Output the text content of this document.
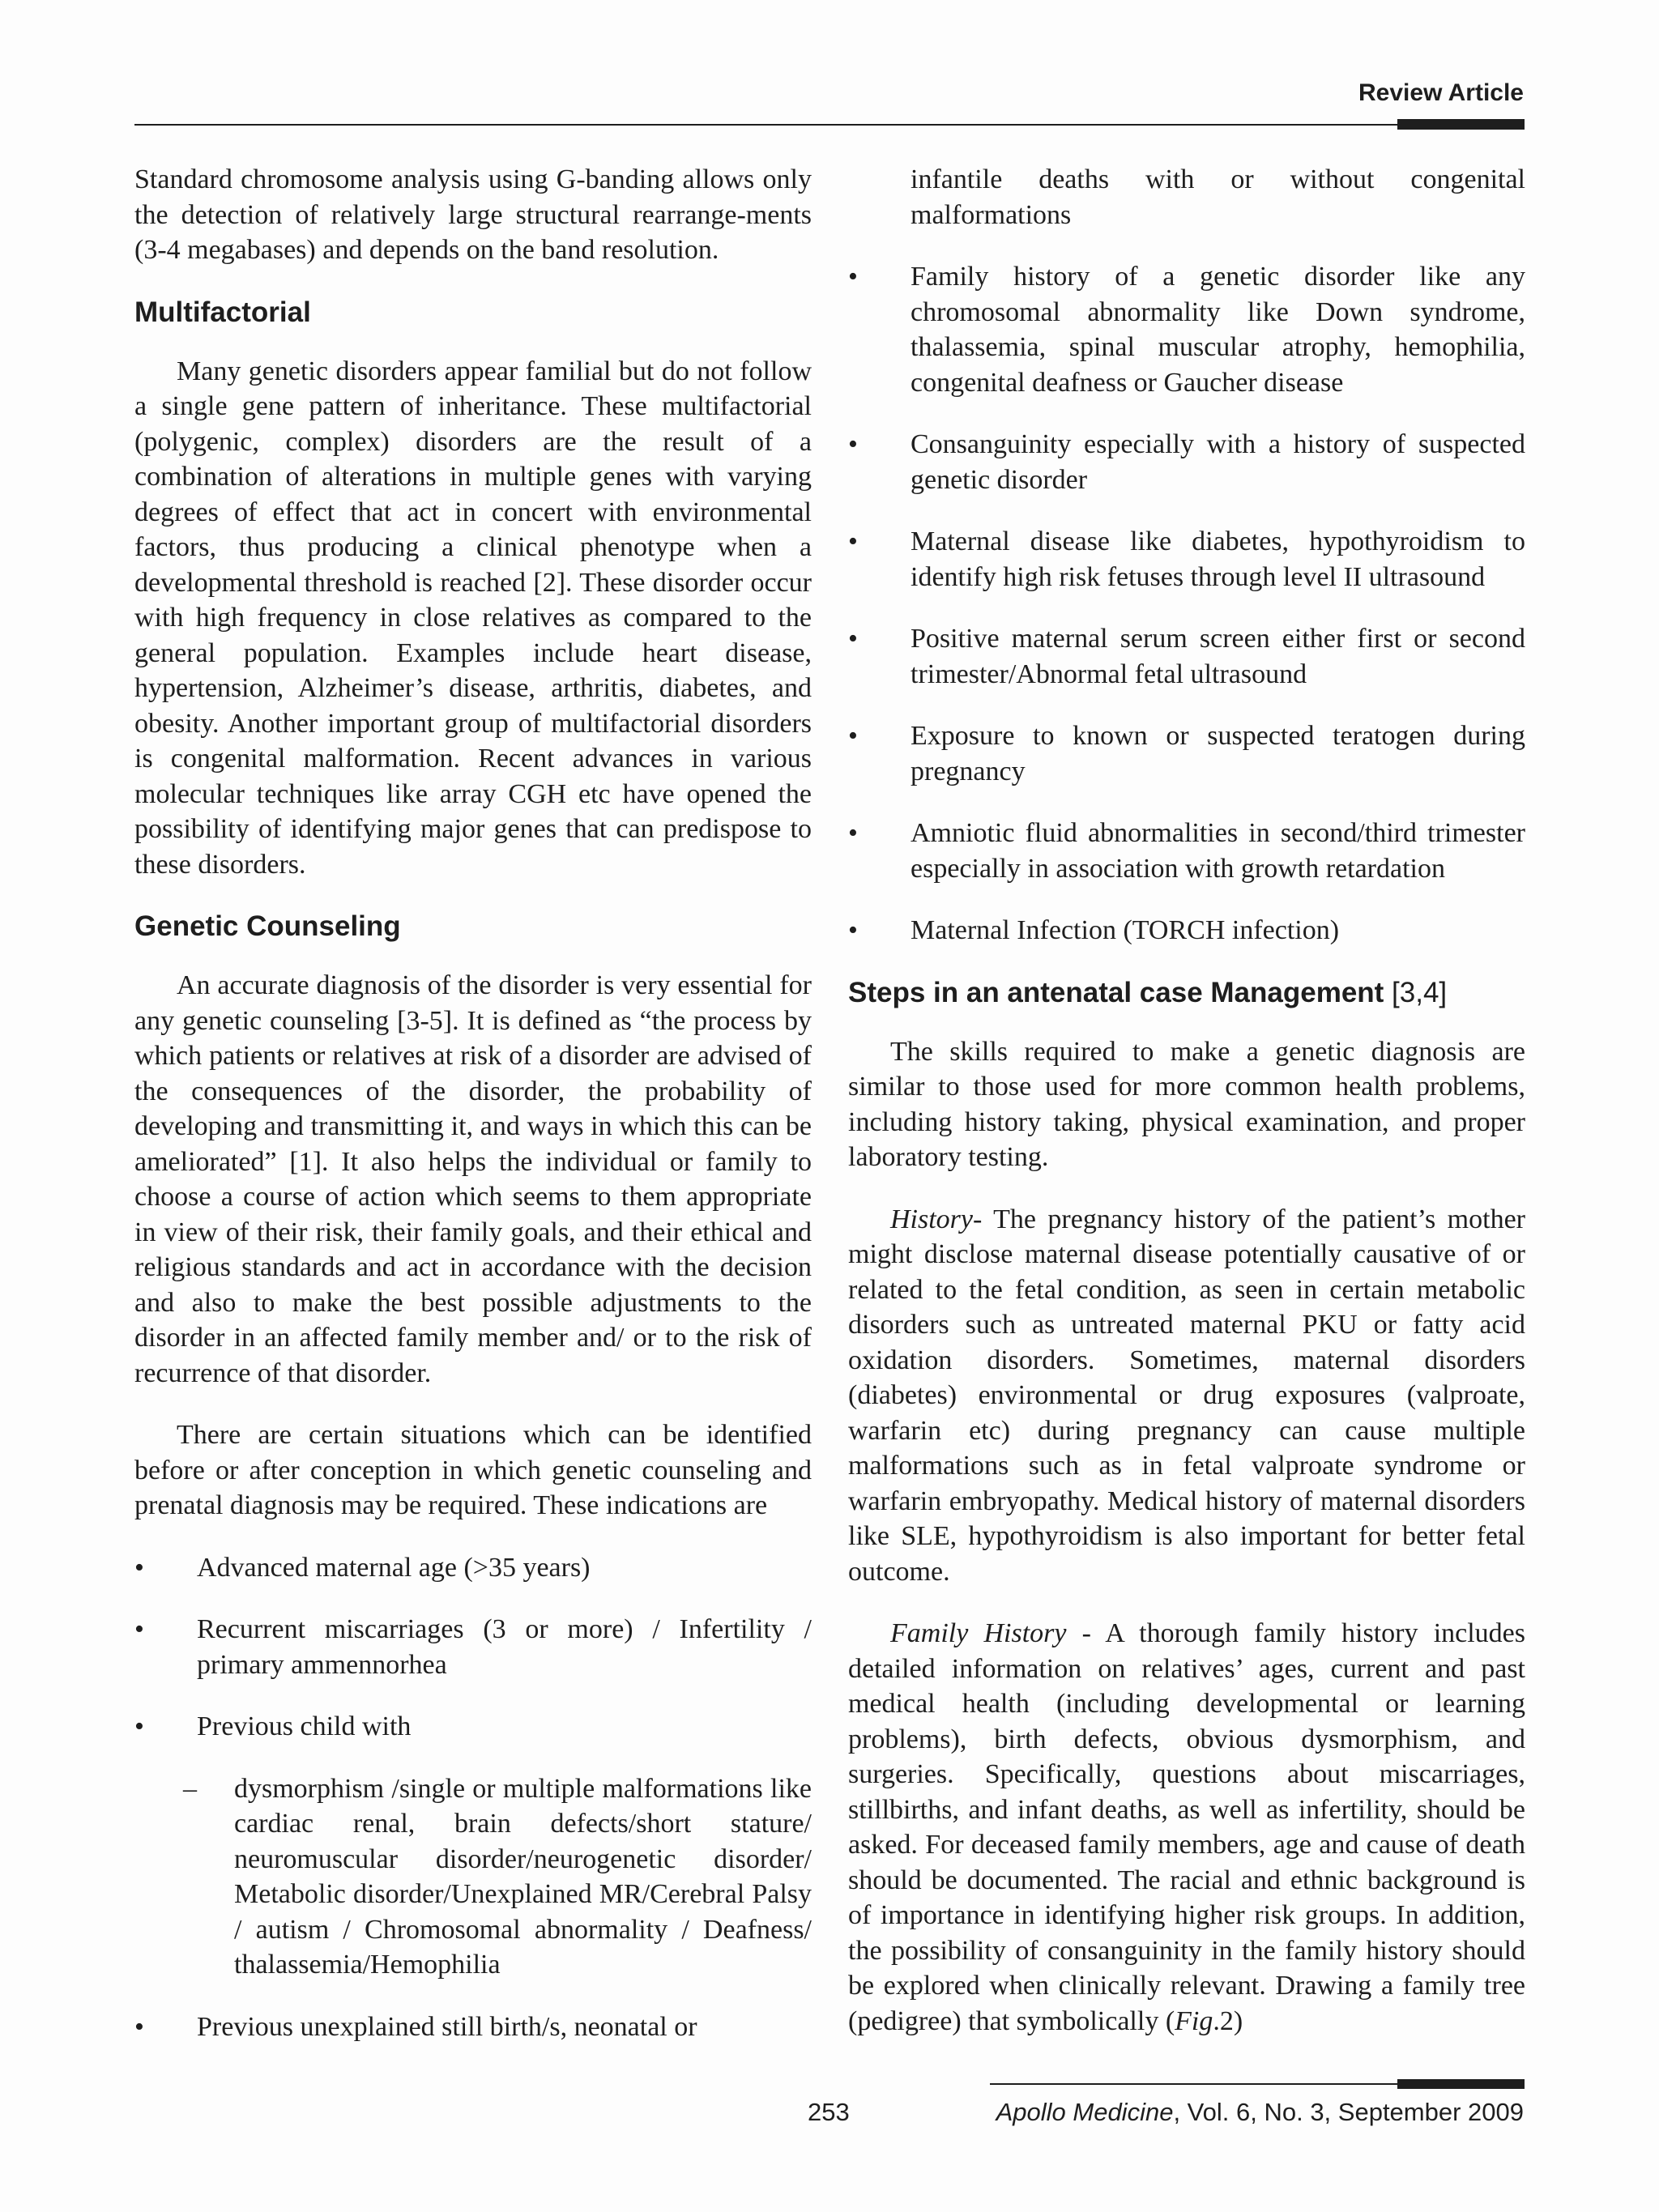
Review Article

Standard chromosome analysis using G-banding allows only the detection of relatively large structural rearrange-ments (3-4 megabases) and depends on the band resolution.

Multifactorial

Many genetic disorders appear familial but do not follow a single gene pattern of inheritance. These multifactorial (polygenic, complex) disorders are the result of a combination of alterations in multiple genes with varying degrees of effect that act in concert with environmental factors, thus producing a clinical phenotype when a developmental threshold is reached [2]. These disorder occur with high frequency in close relatives as compared to the general population. Examples include heart disease, hypertension, Alzheimer’s disease, arthritis, diabetes, and obesity. Another important group of multifactorial disorders is congenital malformation. Recent advances in various molecular techniques like array CGH etc have opened the possibility of identifying major genes that can predispose to these disorders.

Genetic Counseling

An accurate diagnosis of the disorder is very essential for any genetic counseling [3-5]. It is defined as “the process by which patients or relatives at risk of a disorder are advised of the consequences of the disorder, the probability of developing and transmitting it, and ways in which this can be ameliorated” [1]. It also helps the individual or family to choose a course of action which seems to them appropriate in view of their risk, their family goals, and their ethical and religious standards and act in accordance with the decision and also to make the best possible adjustments to the disorder in an affected family member and/ or to the risk of recurrence of that disorder.

There are certain situations which can be identified before or after conception in which genetic counseling and prenatal diagnosis may be required. These indications are

• Advanced maternal age (>35 years)
• Recurrent miscarriages (3 or more) / Infertility / primary ammennorhea
• Previous child with
– dysmorphism /single or multiple malformations like cardiac renal, brain defects/short stature/ neuromuscular disorder/neurogenetic disorder/ Metabolic disorder/Unexplained MR/Cerebral Palsy / autism / Chromosomal abnormality / Deafness/ thalassemia/Hemophilia
• Previous unexplained still birth/s, neonatal or
infantile deaths with or without congenital malformations
• Family history of a genetic disorder like any chromosomal abnormality like Down syndrome, thalassemia, spinal muscular atrophy, hemophilia, congenital deafness or Gaucher disease
• Consanguinity especially with a history of suspected genetic disorder
• Maternal disease like diabetes, hypothyroidism to identify high risk fetuses through level II ultrasound
• Positive maternal serum screen either first or second trimester/Abnormal fetal ultrasound
• Exposure to known or suspected teratogen during pregnancy
• Amniotic fluid abnormalities in second/third trimester especially in association with growth retardation
• Maternal Infection (TORCH infection)
Steps in an antenatal case Management [3,4]

The skills required to make a genetic diagnosis are similar to those used for more common health problems, including history taking, physical examination, and proper laboratory testing.

History- The pregnancy history of the patient’s mother might disclose maternal disease potentially causative of or related to the fetal condition, as seen in certain metabolic disorders such as untreated maternal PKU or fatty acid oxidation disorders. Sometimes, maternal disorders (diabetes) environmental or drug exposures (valproate, warfarin etc) during pregnancy can cause multiple malformations such as in fetal valproate syndrome or warfarin embryopathy. Medical history of maternal disorders like SLE, hypothyroidism is also important for better fetal outcome.

Family History - A thorough family history includes detailed information on relatives’ ages, current and past medical health (including developmental or learning problems), birth defects, obvious dysmorphism, and surgeries. Specifically, questions about miscarriages, stillbirths, and infant deaths, as well as infertility, should be asked. For deceased family members, age and cause of death should be documented. The racial and ethnic background is of importance in identifying higher risk groups. In addition, the possibility of consanguinity in the family history should be explored when clinically relevant. Drawing a family tree (pedigree) that symbolically (Fig.2)

253	Apollo Medicine, Vol. 6, No. 3, September 2009
